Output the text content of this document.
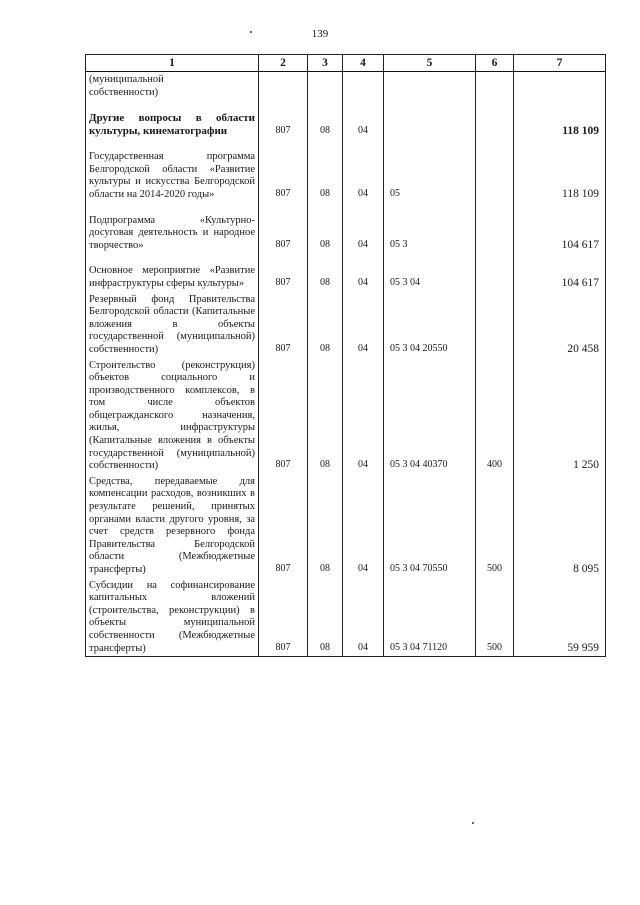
139
1	2	3	4	5	6	7

(муниципальной собственности)						

Другие вопросы в области культуры, кинематографии	807	08	04			118 109

Государственная программа Белгородской области «Развитие культуры и искусства Белгородской области на 2014-2020 годы»	807	08	04	05		118 109

Подпрограмма «Культурно-досуговая деятельность и народное творчество»	807	08	04	05 3		104 617

Основное мероприятие «Развитие инфраструктуры сферы культуры»	807	08	04	05 3 04		104 617
Резервный фонд Правительства Белгородской области (Капитальные вложения в объекты государственной (муниципальной) собственности)	807	08	04	05 3 04 20550		20 458
Строительство (реконструкция) объектов социального и производственного комплексов, в том числе объектов общегражданского назначения, жилья, инфраструктуры (Капитальные вложения в объекты государственной (муниципальной) собственности)	807	08	04	05 3 04 40370	400	1 250
Средства, передаваемые для компенсации расходов, возникших в результате решений, принятых органами власти другого уровня, за счет средств резервного фонда Правительства Белгородской области (Межбюджетные трансферты)	807	08	04	05 3 04 70550	500	8 095
Субсидии на софинансирование капитальных вложений (строительства, реконструкции) в объекты муниципальной собственности (Межбюджетные трансферты)	807	08	04	05 3 04 71120	500	59 959
